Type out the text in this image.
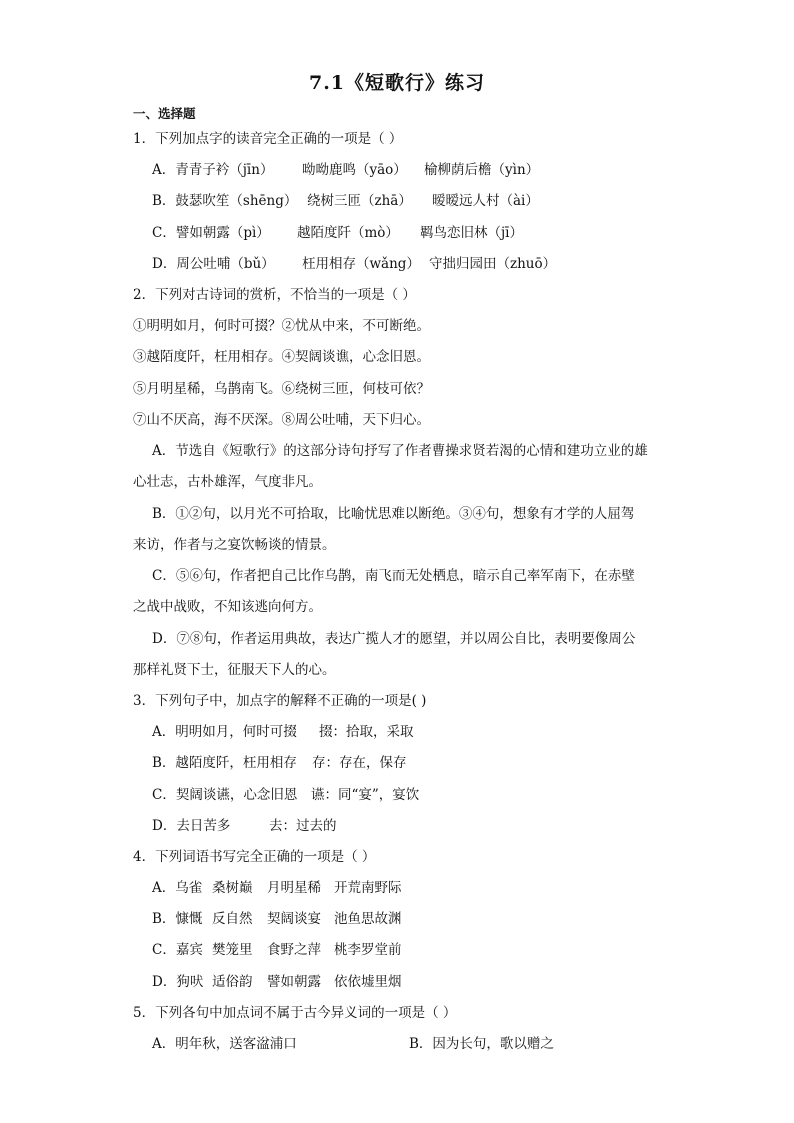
7.1《短歌行》练习
一、选择题
1．下列加点字的读音完全正确的一项是（ ）
A．青青子衿（jīn） 呦呦鹿鸣（yāo） 榆柳荫后檐（yìn）
B．鼓瑟吹笙（shēng） 绕树三匝（zhā） 暧暧远人村（ài）
C．譬如朝露（pì） 越陌度阡（mò） 羁鸟恋旧林（jī）
D．周公吐哺（bǔ） 枉用相存（wǎng） 守拙归园田（zhuō）
2．下列对古诗词的赏析，不恰当的一项是（ ）
①明明如月，何时可掇？②忧从中来，不可断绝。
③越陌度阡，枉用相存。④契阔谈谯，心念旧恩。
⑤月明星稀，乌鹊南飞。⑥绕树三匝，何枝可依？
⑦山不厌高，海不厌深。⑧周公吐哺，天下归心。
A．节选自《短歌行》的这部分诗句抒写了作者曹操求贤若渴的心情和建功立业的雄
心壮志，古朴雄浑，气度非凡。
B．①②句，以月光不可拾取，比喻忧思难以断绝。③④句，想象有才学的人屈驾
来访，作者与之宴饮畅谈的情景。
C．⑤⑥句，作者把自己比作乌鹊，南飞而无处栖息，暗示自己率军南下，在赤壁
之战中战败，不知该逃向何方。
D．⑦⑧句，作者运用典故，表达广揽人才的愿望，并以周公自比，表明要像周公
那样礼贤下士，征服天下人的心。
3．下列句子中，加点字的解释不正确的一项是( )
A．明明如月，何时可掇 掇：拾取，采取
B．越陌度阡，枉用相存 存：存在，保存
C．契阔谈䜩，心念旧恩 䜩：同“宴”，宴饮
D．去日苦多	去：过去的
4．下列词语书写完全正确的一项是（ ）
A．乌雀 桑树巅 月明星稀 开荒南野际
B．慷慨 反自然 契阔谈宴 池鱼思故渊
C．嘉宾 樊笼里 食野之萍 桃李罗堂前
D．狗吠 适俗韵 譬如朝露 依依墟里烟
5．下列各句中加点词不属于古今异义词的一项是（ ）
A．明年秋，送客湓浦口	B．因为长句，歌以赠之
